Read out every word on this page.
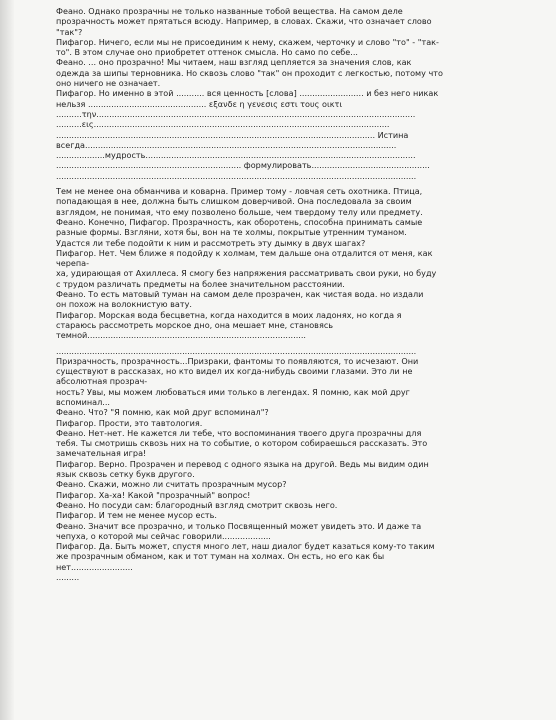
Феано. Однако прозрачны не только названные тобой вещества. На самом деле
прозрачность может прятаться всюду. Например, в словах. Скажи, что означает слово
"так"?
Пифагор. Ничего, если мы не присоединим к нему, скажем, черточку и слово "то" - "так-
то". В этом случае оно приобретет оттенок смысла. Но само по себе...
Феано. ... оно прозрачно! Мы читаем, наш взгляд цепляется за значения слов, как
одежда за шипы терновника. Но сквозь слово "так" он проходит с легкостью, потому что
оно ничего не означает.
Пифагор. Но именно в этой ........... вся ценность [слова] ......................... и без него никак
нельзя .............................................. εξανδε η γενεσις εστι τους οικτι
..........την............................................................................................................................
..........εις...................................................................................................................
............................................................................................................................ Истина
всегда.........................................................................................................................
...................мудрость.........................................................................................................
........................................................................ формулировать..............................................
............................................................................................................................................
Тем не менее она обманчива и коварна. Пример тому - ловчая сеть охотника. Птица,
попадающая в нее, должна быть слишком доверчивой. Она последовала за своим
взглядом, не понимая, что ему позволено больше, чем твердому телу или предмету.
Феано. Конечно, Пифагор. Прозрачность, как оборотень, способна принимать самые
разные формы. Взгляни, хотя бы, вон на те холмы, покрытые утренним туманом.
Удастся ли тебе подойти к ним и рассмотреть эту дымку в двух шагах?
Пифагор. Нет. Чем ближе я подойду к холмам, тем дальше она отдалится от меня, как
черепа-
ха, удирающая от Ахиллеса. Я смогу без напряжения рассматривать свои руки, но буду
с трудом различать предметы на более значительном расстоянии.
Феано. То есть матовый туман на самом деле прозрачен, как чистая вода. но издали
он похож на волокнистую вату.
Пифагор. Морская вода бесцветна, когда находится в моих ладонях, но когда я
стараюсь рассмотреть морское дно, она мешает мне, становясь
темной.....................................................................................
............................................................................................................................................
Призрачность, прозрачность...Призраки, фантомы то появляются, то исчезают. Они
существуют в рассказах, но кто видел их когда-нибудь своими глазами. Это ли не
абсолютная прозрач-
ность? Увы, мы можем любоваться ими только в легендах. Я помню, как мой друг
вспоминал...
Феано. Что? "Я помню, как мой друг вспоминал"?
Пифагор. Прости, это тавтология.
Феано. Нет-нет. Не кажется ли тебе, что воспоминания твоего друга прозрачны для
тебя. Ты смотришь сквозь них на то событие, о котором собираешься рассказать. Это
замечательная игра!
Пифагор. Верно. Прозрачен и перевод с одного языка на другой. Ведь мы видим один
язык сквозь сетку букв другого.
Феано. Скажи, можно ли считать прозрачным мусор?
Пифагор. Ха-ха! Какой "прозрачный" вопрос!
Феано. Но посуди сам: благородный взгляд смотрит сквозь него.
Пифагор. И тем не менее мусор есть.
Феано. Значит все прозрачно, и только Посвященный может увидеть это. И даже та
чепуха, о которой мы сейчас говорили...................
Пифагор. Да. Быть может, спустя много лет, наш диалог будет казаться кому-то таким
же прозрачным обманом, как и тот туман на холмах. Он есть, но его как бы
нет........................
.........
